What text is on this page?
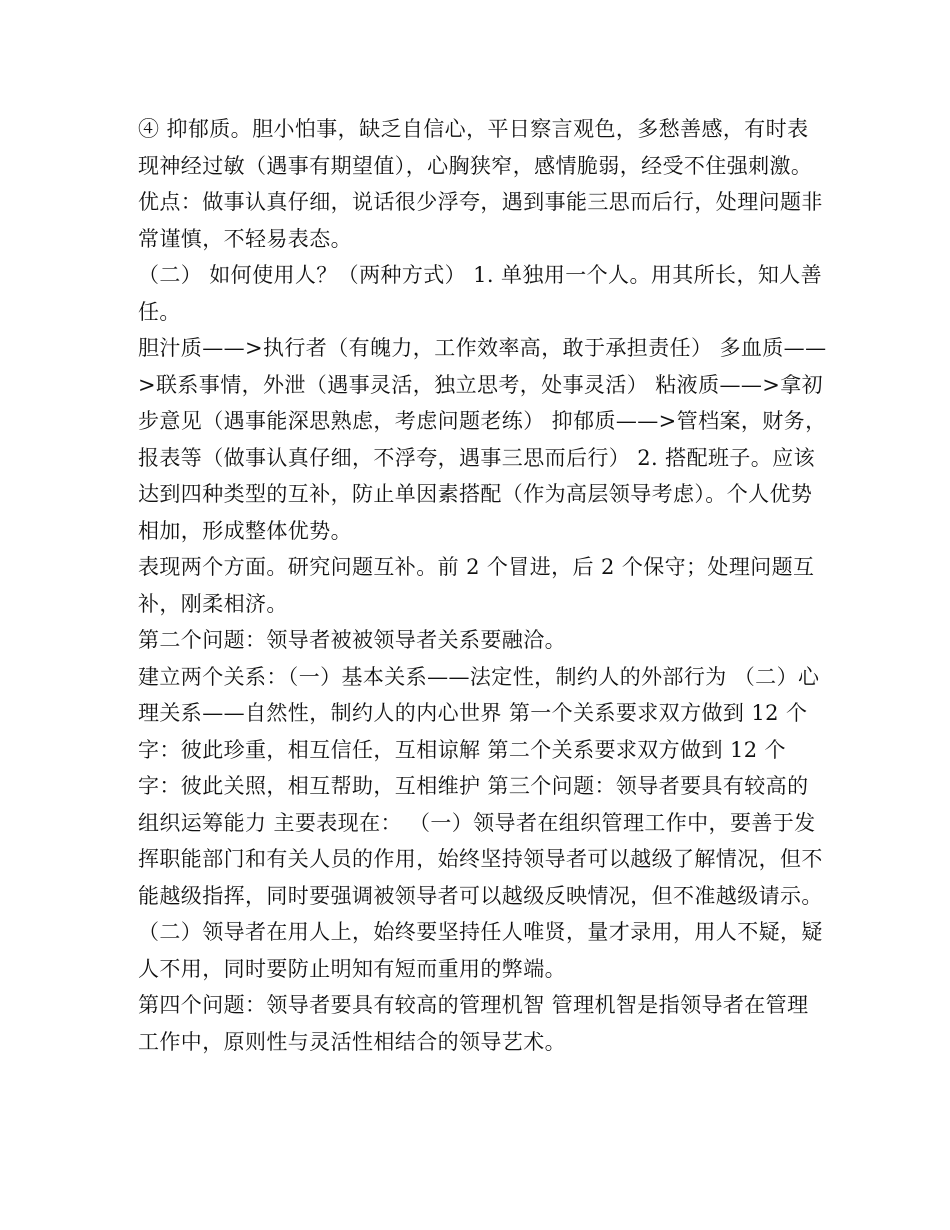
④ 抑郁质。胆小怕事，缺乏自信心，平日察言观色，多愁善感，有时表现神经过敏（遇事有期望值），心胸狭窄，感情脆弱，经受不住强刺激。优点：做事认真仔细，说话很少浮夸，遇到事能三思而后行，处理问题非常谨慎，不轻易表态。

（二） 如何使用人？（两种方式） 1. 单独用一个人。用其所长，知人善任。

胆汁质——>执行者（有魄力，工作效率高，敢于承担责任） 多血质——>联系事情，外泄（遇事灵活，独立思考，处事灵活） 粘液质——>拿初步意见（遇事能深思熟虑，考虑问题老练） 抑郁质——>管档案，财务，报表等（做事认真仔细，不浮夸，遇事三思而后行） 2. 搭配班子。应该达到四种类型的互补，防止单因素搭配（作为高层领导考虑）。个人优势相加，形成整体优势。

表现两个方面。研究问题互补。前 2 个冒进，后 2 个保守；处理问题互补，刚柔相济。

第二个问题：领导者被被领导者关系要融洽。

建立两个关系：（一）基本关系——法定性，制约人的外部行为 （二）心理关系——自然性，制约人的内心世界 第一个关系要求双方做到 12 个字：彼此珍重，相互信任，互相谅解 第二个关系要求双方做到 12 个字：彼此关照，相互帮助，互相维护 第三个问题：领导者要具有较高的组织运筹能力 主要表现在： （一）领导者在组织管理工作中，要善于发挥职能部门和有关人员的作用，始终坚持领导者可以越级了解情况，但不能越级指挥，同时要强调被领导者可以越级反映情况，但不准越级请示。

（二）领导者在用人上，始终要坚持任人唯贤，量才录用，用人不疑，疑人不用，同时要防止明知有短而重用的弊端。

第四个问题：领导者要具有较高的管理机智 管理机智是指领导者在管理工作中，原则性与灵活性相结合的领导艺术。
